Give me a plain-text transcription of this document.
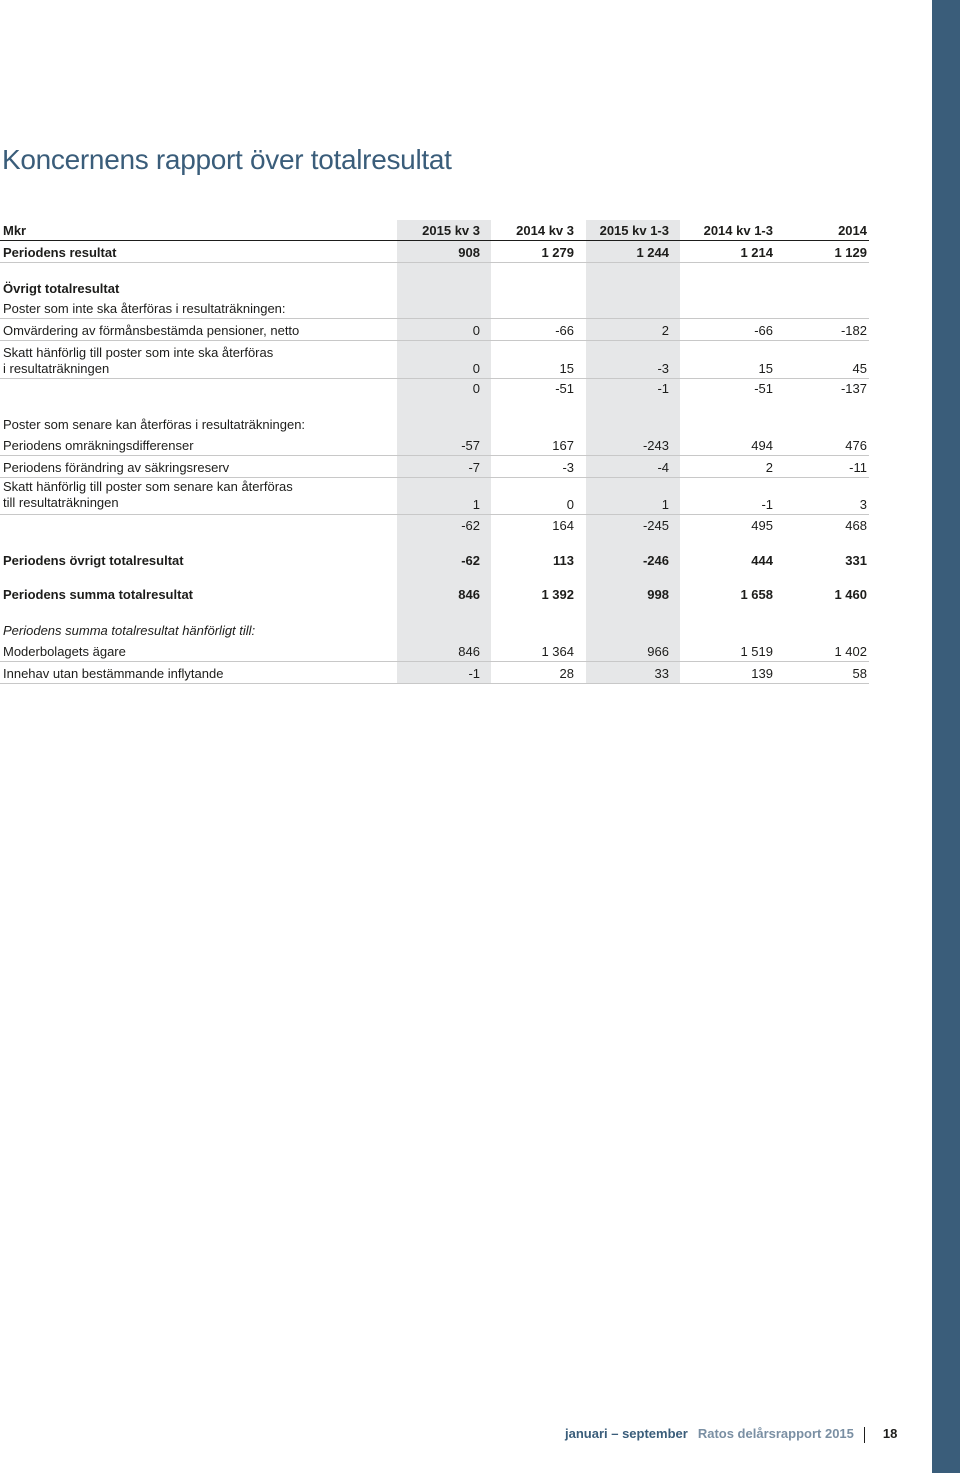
Koncernens rapport över totalresultat
Mkr	2015 kv 3	2014 kv 3	2015 kv 1-3	2014 kv 1-3	2014
Periodens resultat	908	1 279	1 244	1 214	1 129
Övrigt totalresultat
Poster som inte ska återföras i resultaträkningen:
Omvärdering av förmånsbestämda pensioner, netto	0	-66	2	-66	-182
Skatt hänförlig till poster som inte ska återföras
i resultaträkningen	0	15	-3	15	45
0	-51	-1	-51	-137
Poster som senare kan återföras i resultaträkningen:
Periodens omräkningsdifferenser	-57	167	-243	494	476
Periodens förändring av säkringsreserv	-7	-3	-4	2	-11
Skatt hänförlig till poster som senare kan återföras
till resultaträkningen	1	0	1	-1	3
-62	164	-245	495	468
Periodens övrigt totalresultat	-62	113	-246	444	331
Periodens summa totalresultat	846	1 392	998	1 658	1 460
Periodens summa totalresultat hänförligt till:
Moderbolagets ägare	846	1 364	966	1 519	1 402
Innehav utan bestämmande inflytande	-1	28	33	139	58
januari – september Ratos delårsrapport 2015 18
